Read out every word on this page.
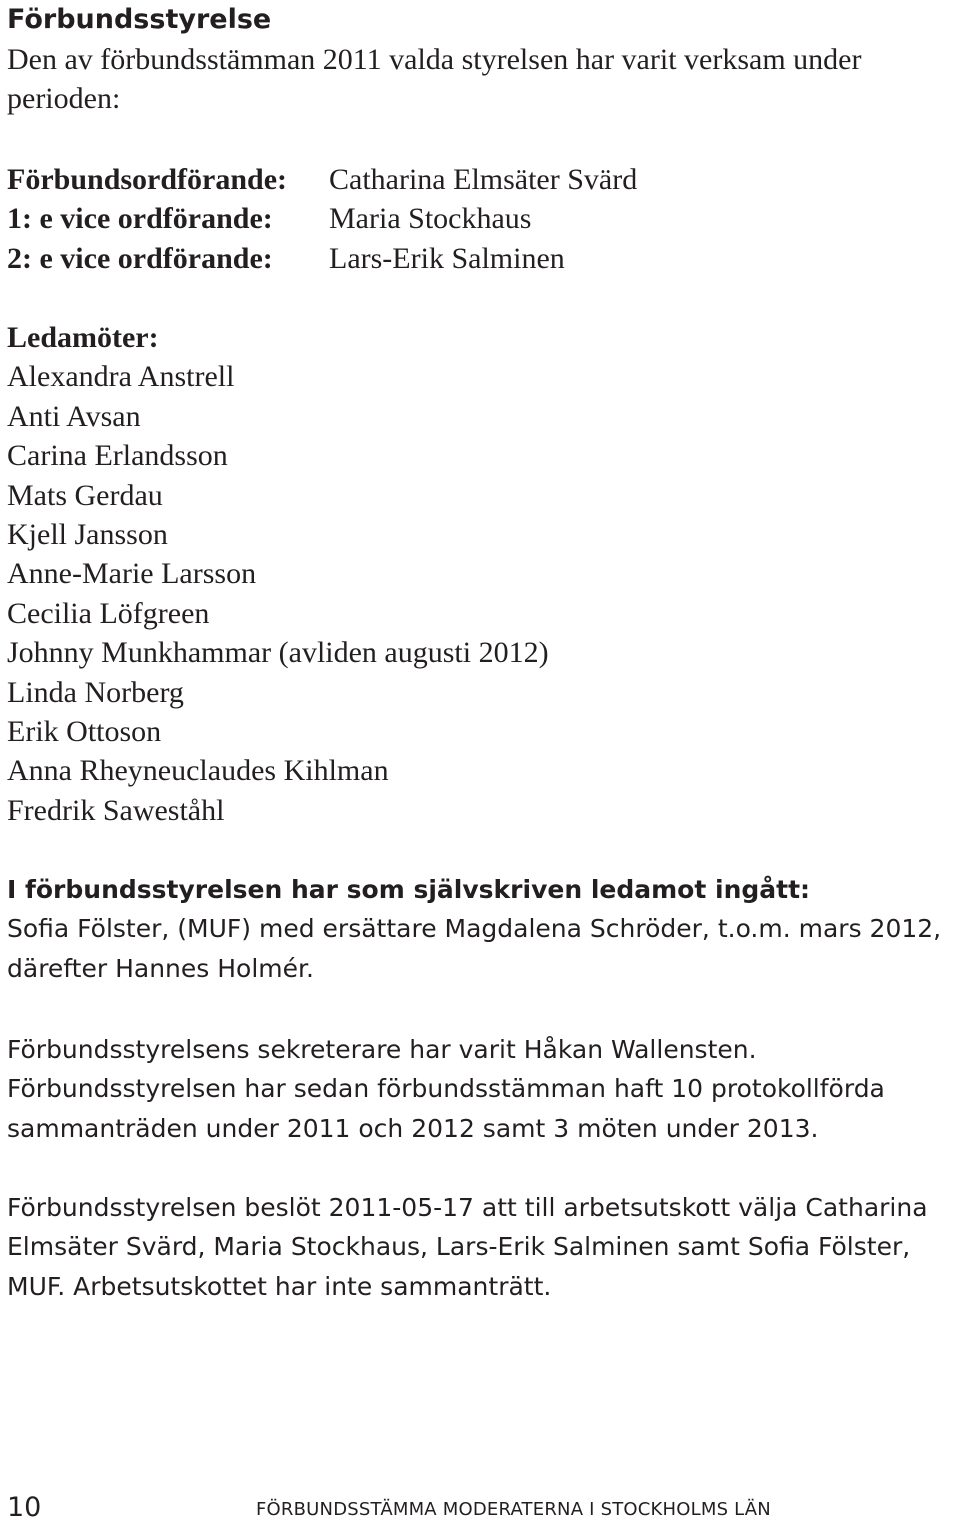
Förbundsstyrelse

Den av förbundsstämman 2011 valda styrelsen har varit verksam under perioden:

Förbundsordförande:	Catharina Elmsäter Svärd
1: e vice ordförande:	Maria Stockhaus
2: e vice ordförande:	Lars-Erik Salminen
Ledamöter:
Alexandra Anstrell
Anti Avsan
Carina Erlandsson
Mats Gerdau
Kjell Jansson
Anne-Marie Larsson
Cecilia Löfgreen
Johnny Munkhammar (avliden augusti 2012)
Linda Norberg
Erik Ottoson
Anna Rheyneuclaudes Kihlman
Fredrik Saweståhl
I förbundsstyrelsen har som självskriven ledamot ingått:
Sofia Fölster, (MUF) med ersättare Magdalena Schröder, t.o.m. mars 2012, därefter Hannes Holmér.

Förbundsstyrelsens sekreterare har varit Håkan Wallensten. Förbundsstyrelsen har sedan förbundsstämman haft 10 protokollförda sammanträden under 2011 och 2012 samt 3 möten under 2013.

Förbundsstyrelsen beslöt 2011-05-17 att till arbetsutskott välja Catharina Elmsäter Svärd, Maria Stockhaus, Lars-Erik Salminen samt Sofia Fölster, MUF. Arbetsutskottet har inte sammanträtt.

10	FÖRBUNDSSTÄMMA MODERATERNA I STOCKHOLMS LÄN
